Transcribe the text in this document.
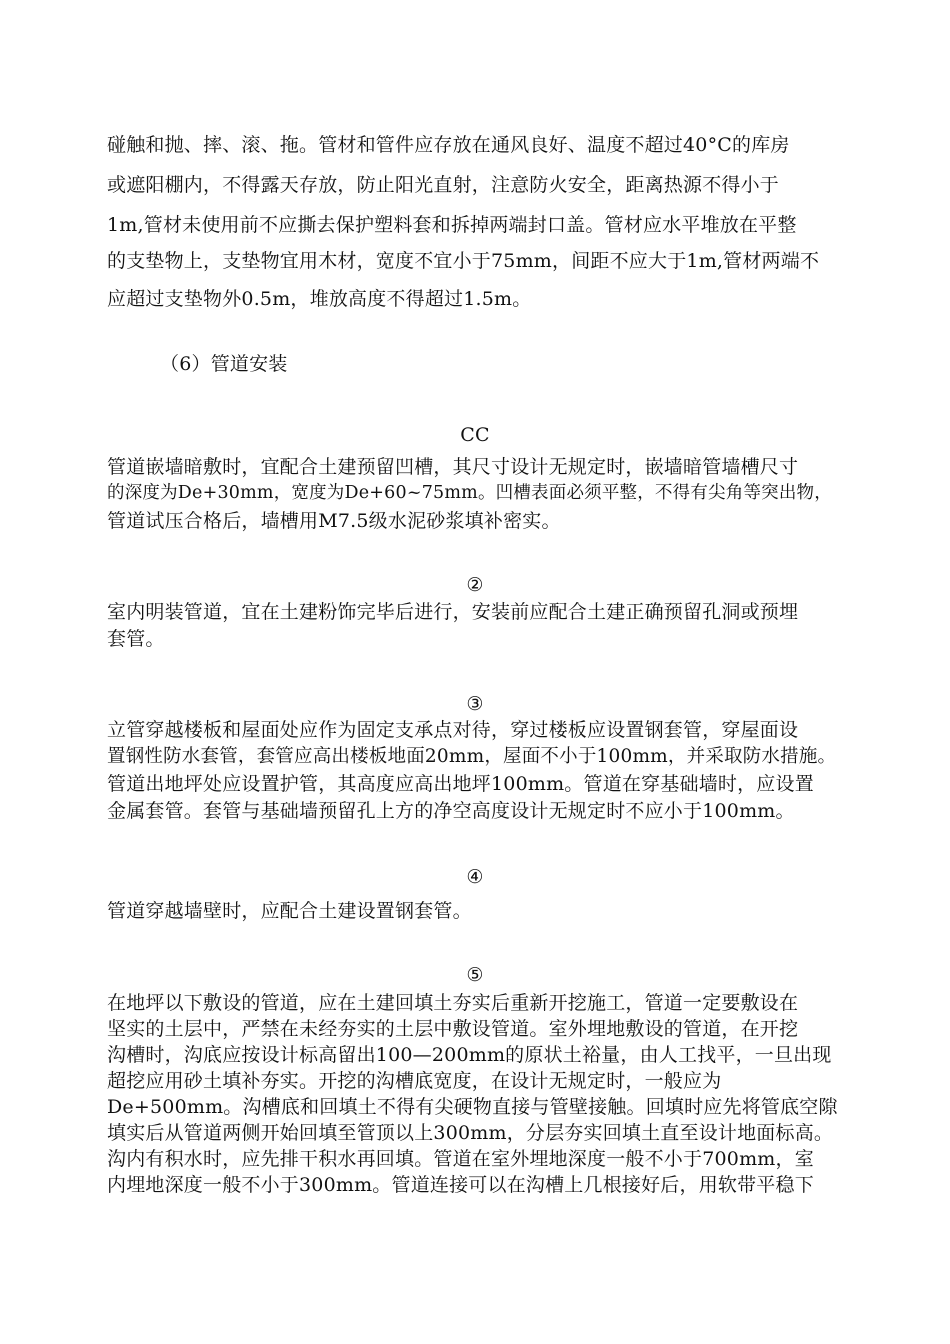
碰触和抛、摔、滚、拖。管材和管件应存放在通风良好、温度不超过40°C的库房
或遮阳棚内，不得露天存放，防止阳光直射，注意防火安全，距离热源不得小于
1m,管材未使用前不应撕去保护塑料套和拆掉两端封口盖。管材应水平堆放在平整
的支垫物上，支垫物宜用木材，宽度不宜小于75mm，间距不应大于1m,管材两端不
应超过支垫物外0.5m，堆放高度不得超过1.5m。
（6）管道安装
CC
管道嵌墙暗敷时，宜配合土建预留凹槽，其尺寸设计无规定时，嵌墙暗管墙槽尺寸
的深度为De+30mm，宽度为De+60~75mm。凹槽表面必须平整，不得有尖角等突出物，
管道试压合格后，墙槽用M7.5级水泥砂浆填补密实。
②
室内明装管道，宜在土建粉饰完毕后进行，安装前应配合土建正确预留孔洞或预埋
套管。
③
立管穿越楼板和屋面处应作为固定支承点对待，穿过楼板应设置钢套管，穿屋面设
置钢性防水套管，套管应高出楼板地面20mm，屋面不小于100mm，并采取防水措施。
管道出地坪处应设置护管，其高度应高出地坪100mm。管道在穿基础墙时，应设置
金属套管。套管与基础墙预留孔上方的净空高度设计无规定时不应小于100mm。
④
管道穿越墙壁时，应配合土建设置钢套管。
⑤
在地坪以下敷设的管道，应在土建回填土夯实后重新开挖施工，管道一定要敷设在
坚实的土层中，严禁在未经夯实的土层中敷设管道。室外埋地敷设的管道，在开挖
沟槽时，沟底应按设计标高留出100—200mm的原状土裕量，由人工找平，一旦出现
超挖应用砂土填补夯实。开挖的沟槽底宽度，在设计无规定时，一般应为
De+500mm。沟槽底和回填土不得有尖硬物直接与管壁接触。回填时应先将管底空隙
填实后从管道两侧开始回填至管顶以上300mm，分层夯实回填土直至设计地面标高。
沟内有积水时，应先排干积水再回填。管道在室外埋地深度一般不小于700mm，室
内埋地深度一般不小于300mm。管道连接可以在沟槽上几根接好后，用软带平稳下
